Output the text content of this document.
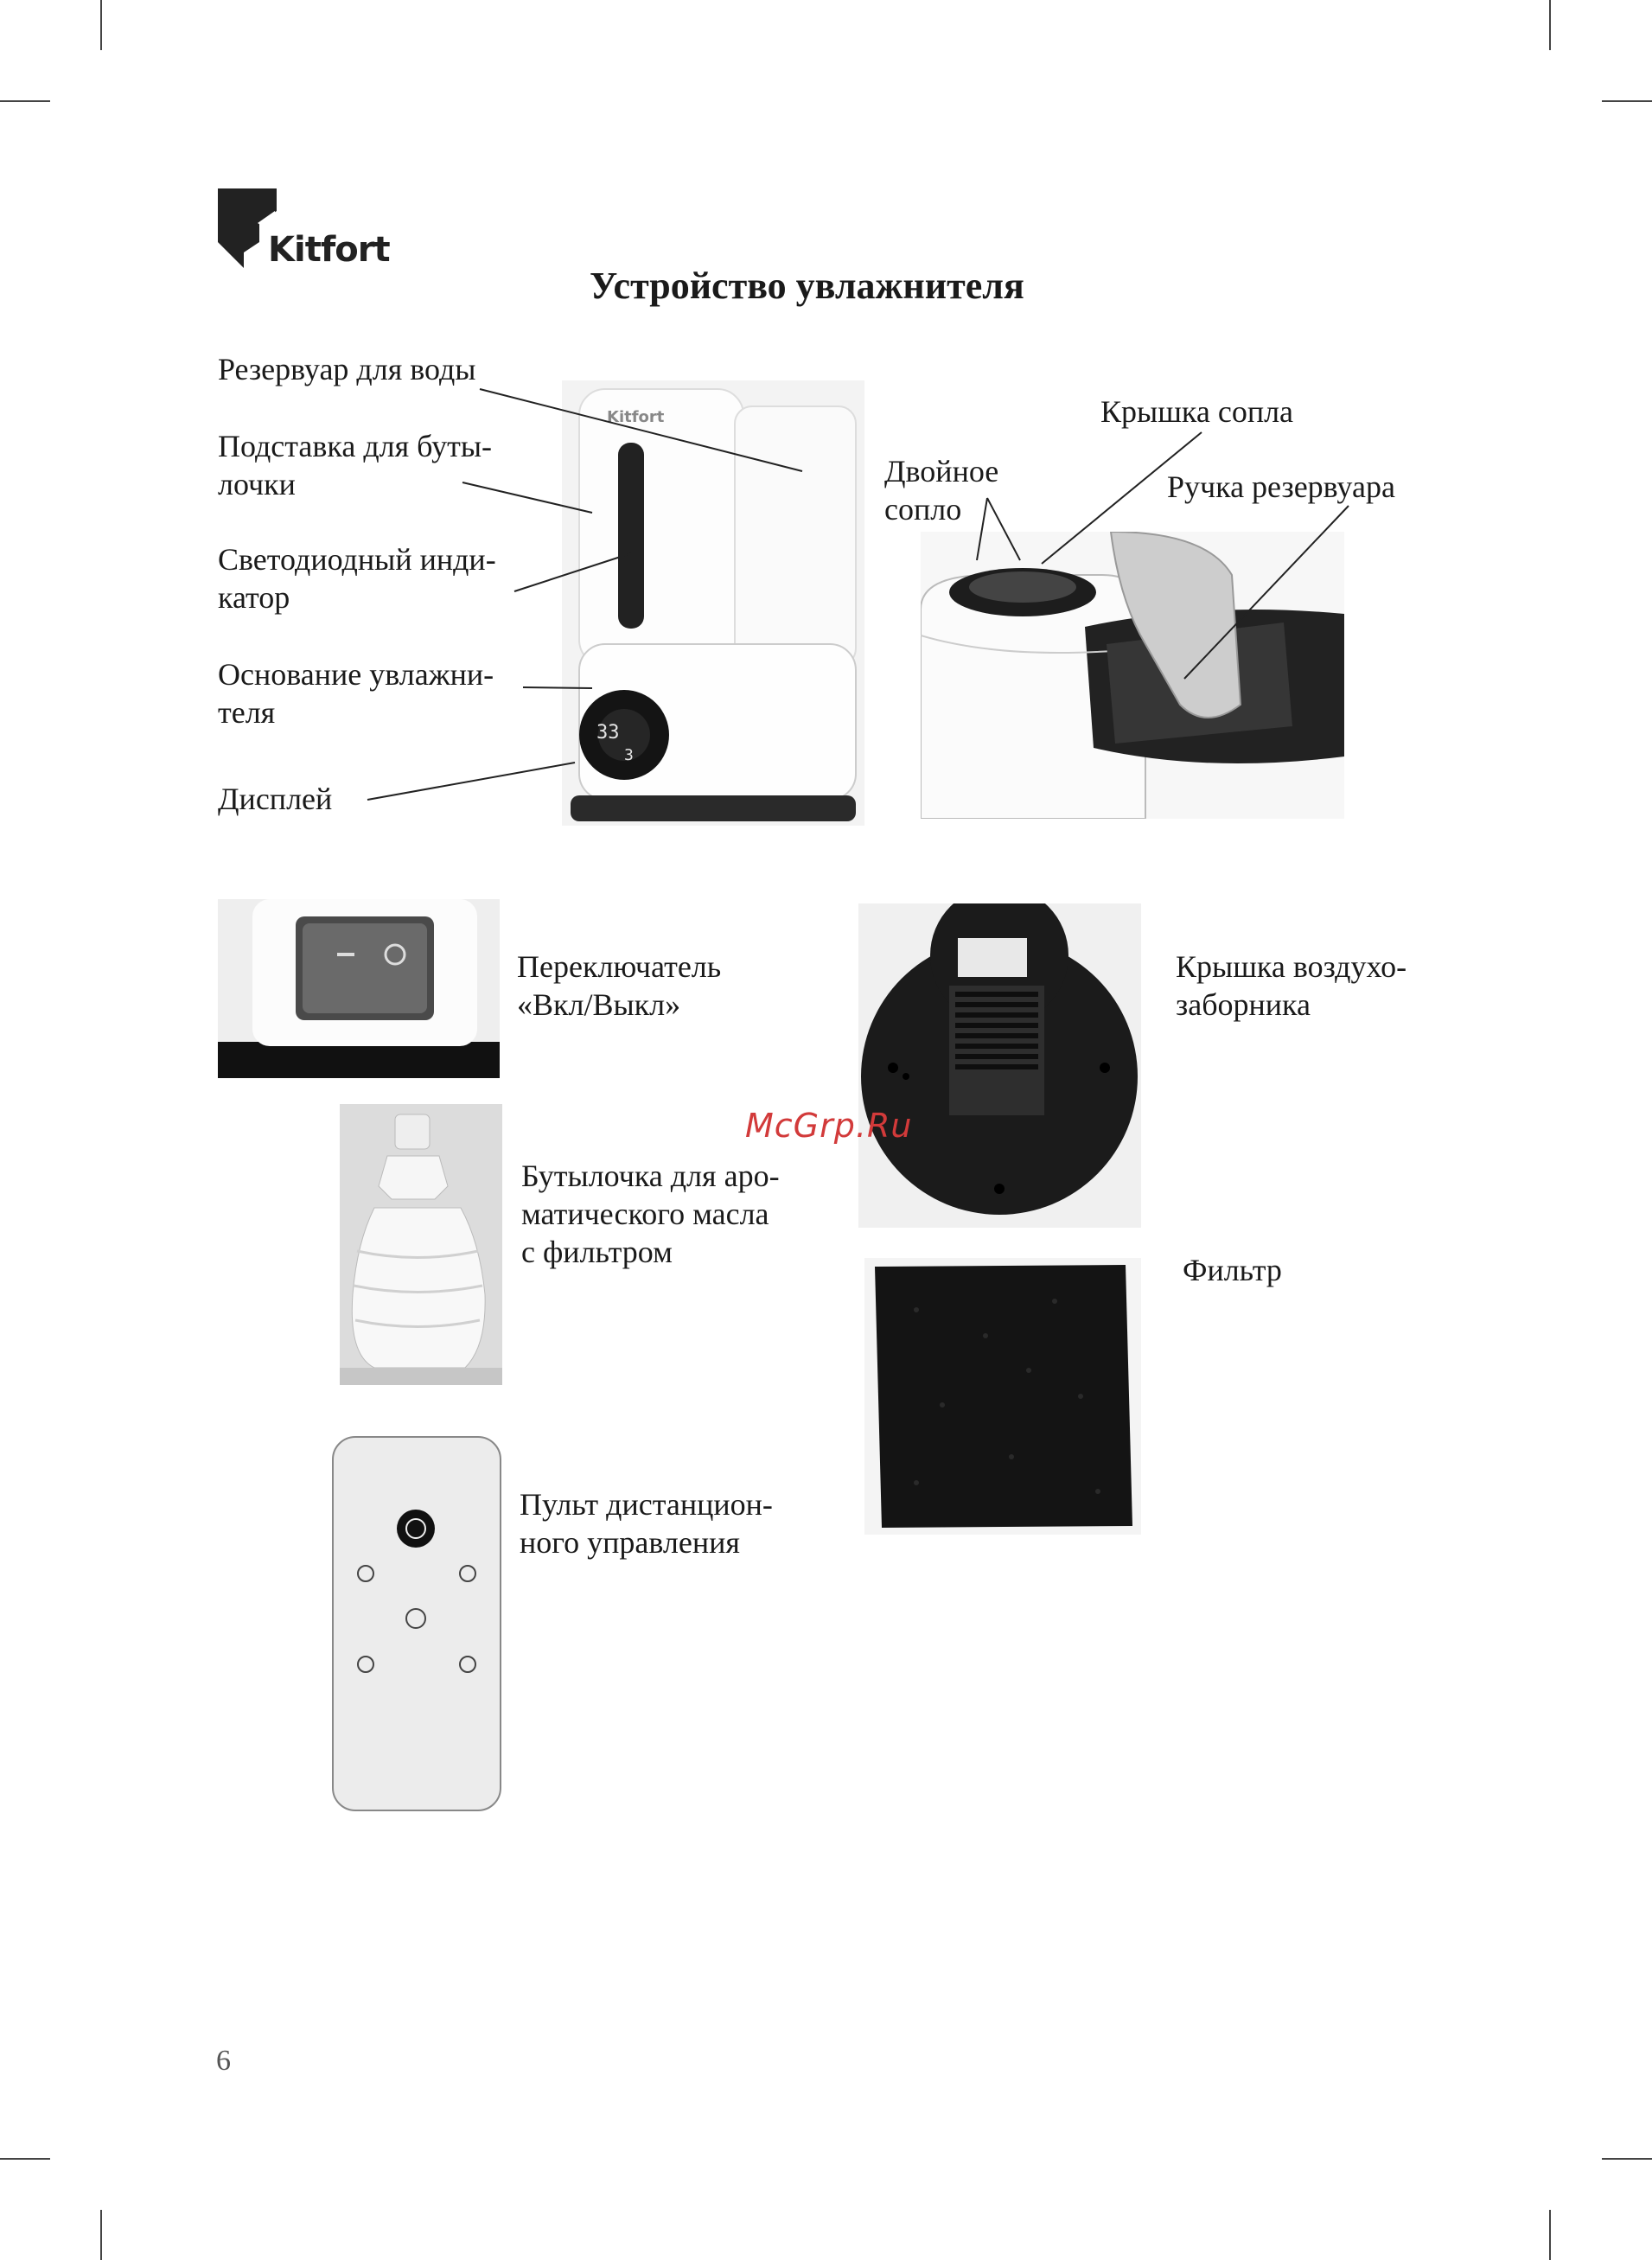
Kitfort
Устройство увлажнителя
Kitfort
Резервуар для воды
Подставка для буты-
лочки
Светодиодный инди-
катор
Основание увлажни-
теля
Дисплей
33
3
Крышка сопла
Двойное
сопло
Ручка резервуара
Переключатель
«Вкл/Выкл»
Крышка воздухо-
заборника
Бутылочка для аро-
матического масла
с фильтром
Фильтр
Пульт дистанцион-
ного управления
McGrp.Ru
6
